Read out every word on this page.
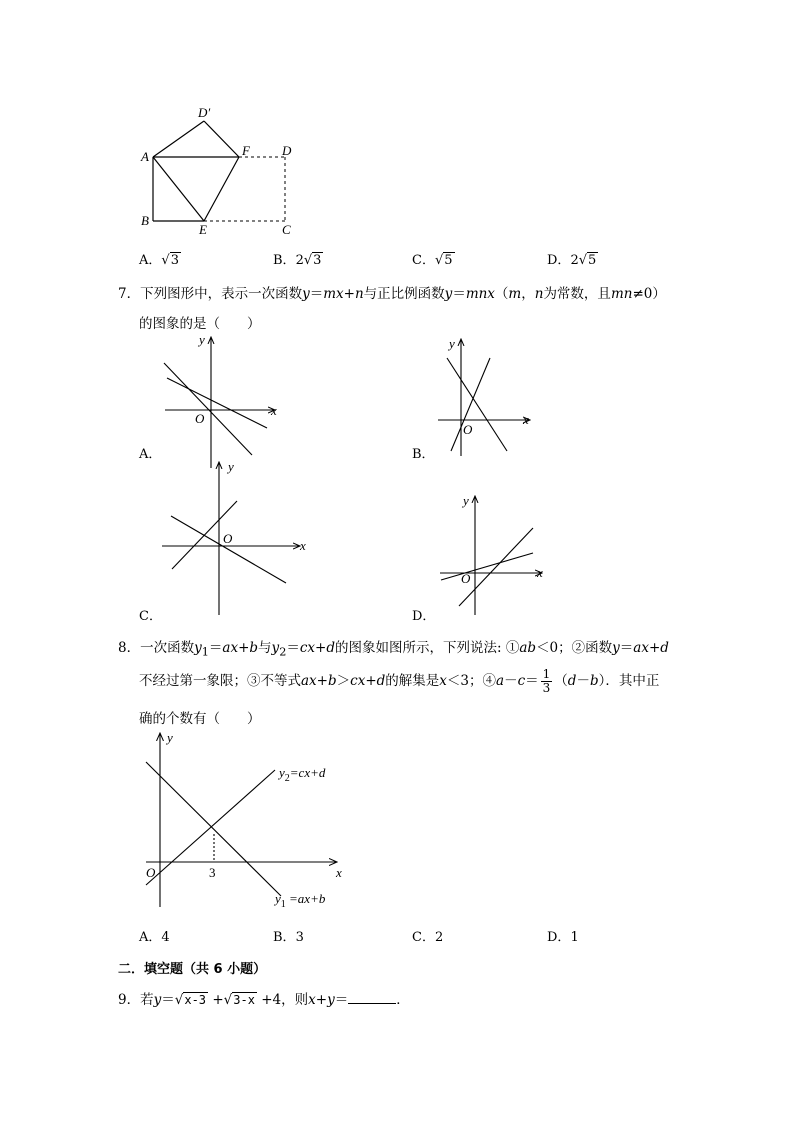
D′
A	F D
B
E	C
A．√3	B．2√3	C．√5	D．2√5
7．下列图形中，表示一次函数y＝mx+n与正比例函数y＝mnx（m，n为常数，且mn≠0）
的图象的是（　　）
y
x
O
y
x
O
y
x
O
y
x
O
A．	B．
C．	D．
8．一次函数$y_1=ax+b$与$y_2=cx+d$的图象如图所示，下列说法: ①ab＜0；②函数y＝ax+d
不经过第一象限；③不等式ax+b＞cx+d的解集是x＜3；④a－c＝ $\frac{1}{3} (d-b)$．其中正
确的个数有（　　）
y
x
O	3
$y_2=cx+d$
$y_1 =ax+b$
A．4	B．3	C．2	D．1
二．填空题（共 6 小题）
9．若y＝√x-3 +√3-x +4，则x+y＝	．
